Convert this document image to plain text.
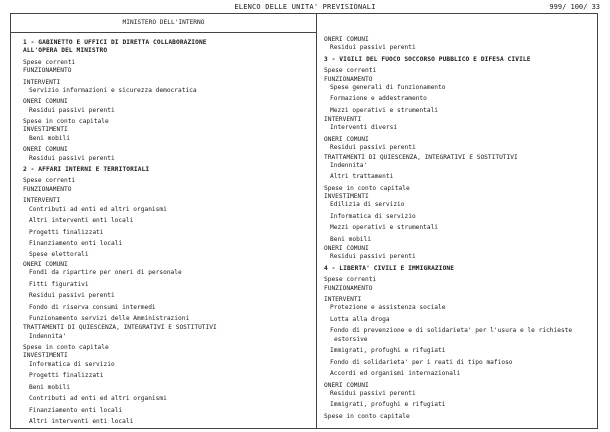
ELENCO DELLE UNITA' PREVISIONALI	999/ 100/ 33
MINISTERO DELL'INTERNO
1 - GABINETTO E UFFICI DI DIRETTA COLLABORAZIONE
ALL'OPERA DEL MINISTRO
Spese correnti
FUNZIONAMENTO
INTERVENTI
Servizio informazioni e sicurezza democratica
ONERI COMUNI
Residui passivi perenti
Spese in conto capitale
INVESTIMENTI
Beni mobili
ONERI COMUNI
Residui passivi perenti
2 - AFFARI INTERNI E TERRITORIALI
Spese correnti
FUNZIONAMENTO
INTERVENTI
Contributi ad enti ed altri organismi
Altri interventi enti locali
Progetti finalizzati
Finanziamento enti locali
Spese elettorali
ONERI COMUNI
Fondi da ripartire per oneri di personale
Fitti figurativi
Residui passivi perenti
Fondo di riserva consumi intermedi
Funzionamento servizi delle Amministrazioni
TRATTAMENTI DI QUIESCENZA, INTEGRATIVI E SOSTITUTIVI
Indennita'
Spese in conto capitale
INVESTIMENTI
Informatica di servizio
Progetti finalizzati
Beni mobili
Contributi ad enti ed altri organismi
Finanziamento enti locali
Altri interventi enti locali
ONERI COMUNI
Residui passivi perenti
3 - VIGILI DEL FUOCO SOCCORSO PUBBLICO E DIFESA CIVILE
Spese correnti
FUNZIONAMENTO
Spese generali di funzionamento
Formazione e addestramento
Mezzi operativi e strumentali
INTERVENTI
Interventi diversi
ONERI COMUNI
Residui passivi perenti
TRATTAMENTI DI QUIESCENZA, INTEGRATIVI E SOSTITUTIVI
Indennita'
Altri trattamenti
Spese in conto capitale
INVESTIMENTI
Edilizia di servizio
Informatica di servizio
Mezzi operativi e strumentali
Beni mobili
ONERI COMUNI
Residui passivi perenti
4 - LIBERTA' CIVILI E IMMIGRAZIONE
Spese correnti
FUNZIONAMENTO
INTERVENTI
Protezione e assistenza sociale
Lotta alla droga
Fondo di prevenzione e di solidarieta' per l'usura e le richieste estorsive
Immigrati, profughi e rifugiati
Fondo di solidarieta' per i reati di tipo mafioso
Accordi ed organismi internazionali
ONERI COMUNI
Residui passivi perenti
Immigrati, profughi e rifugiati
Spese in conto capitale
